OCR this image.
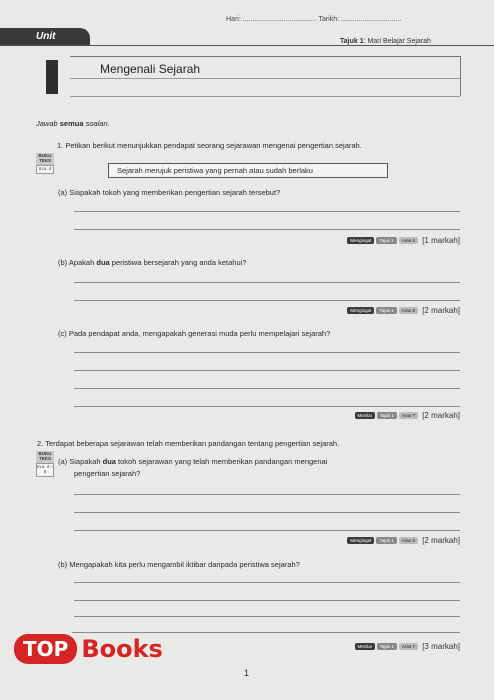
Hari: ...................................... Tarikh: ...............................
Unit	Tajuk 1: Mari Belajar Sejarah
Mengenali Sejarah
Jawab semua soalan.
1. Petikan berikut menunjukkan pendapat seorang sejarawan mengenai pengertian sejarah.
BUKU TEKS
m.s. 4	Sejarah merujuk peristiwa yang pernah atau sudah berlaku
(a) Siapakah tokoh yang memberikan pengertian sejarah tersebut?
Mengingat	Tajuk 1	Aras S [1 markah]
(b) Apakah dua peristiwa bersejarah yang anda ketahui?
Mengingat	Tajuk 1	Aras S [2 markah]
(c) Pada pendapat anda, mengapakah generasi muda perlu mempelajari sejarah?
Menilai	Tajuk 1	Aras T [2 markah]
2. Terdapat beberapa sejarawan telah memberikan pandangan tentang pengertian sejarah.
BUKU TEKS
m.s. 4 – 5
(a) Siapakah dua tokoh sejarawan yang telah memberikan pandangan mengenai
pengertian sejarah?
Mengingat	Tajuk 1	Aras S [2 markah]
(b) Mengapakah kita perlu mengambil iktibar daripada peristiwa sejarah?
Menilai	Tajuk 1	Aras T [3 markah]
TOP Books
1
